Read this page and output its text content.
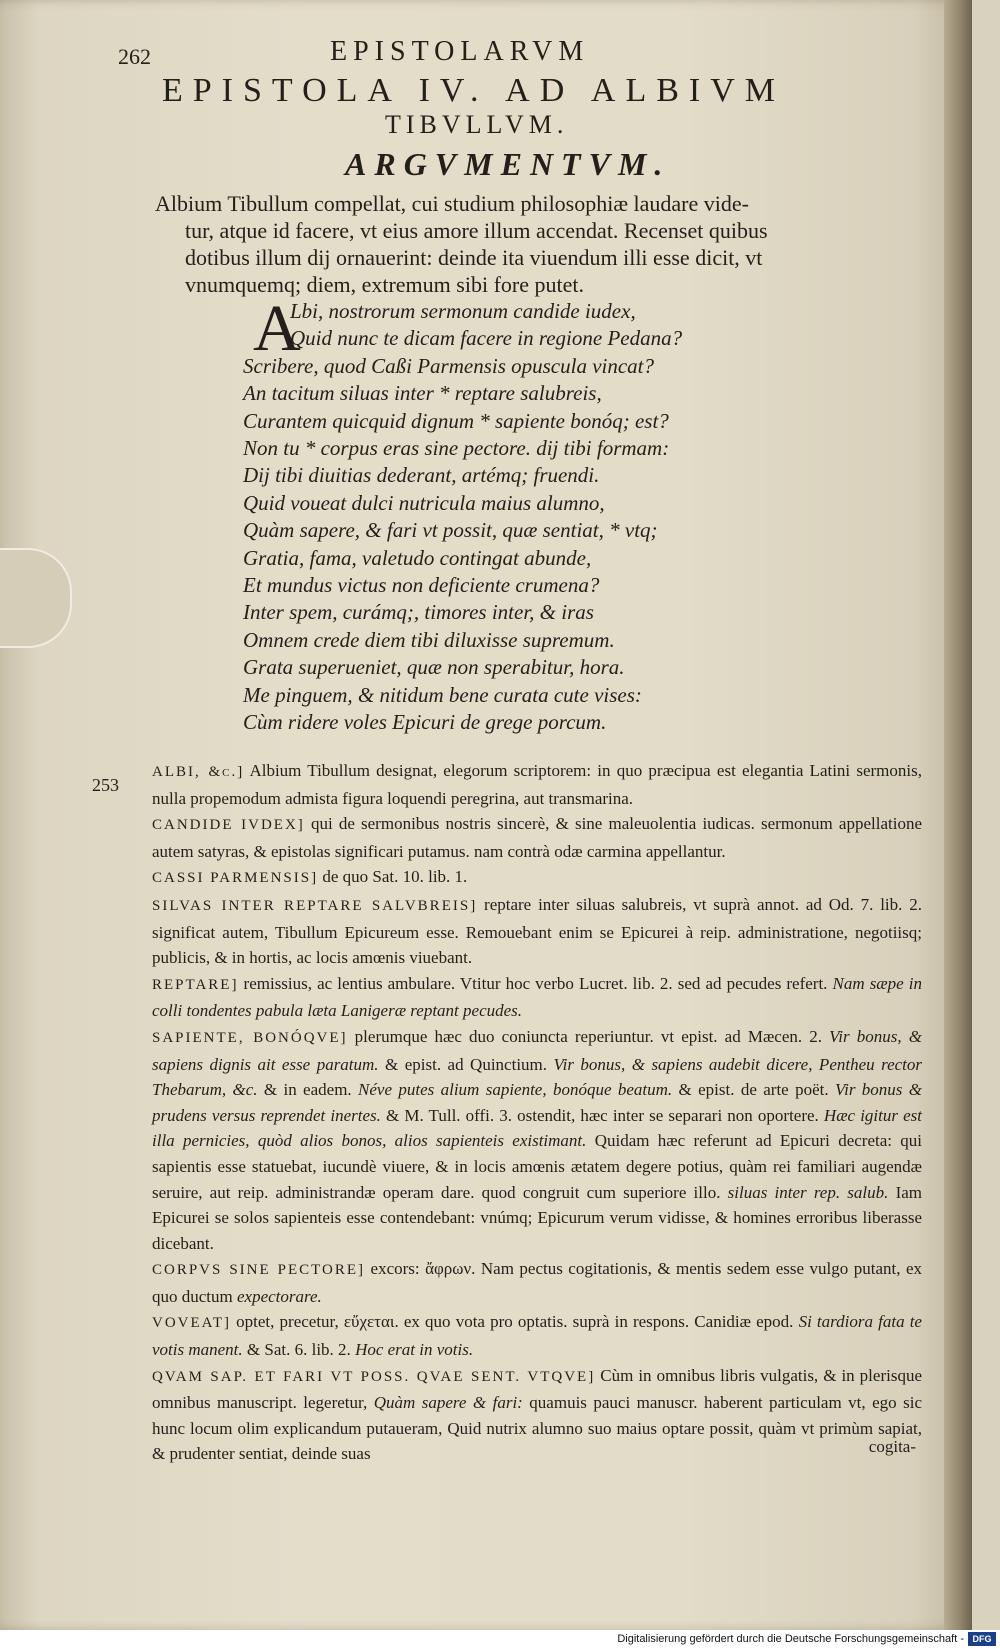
262	EPISTOLARVM
EPISTOLA IV. AD ALBIVM
TIBVLLVM.
ARGVMENTVM.
Albium Tibullum compellat, cui studium philosophiæ laudare vide-
tur, atque id facere, vt eius amore illum accendat. Recenset quibus
dotibus illum dij ornauerint: deinde ita viuendum illi esse dicit, vt
vnumquemq; diem, extremum sibi fore putet.
A
Lbi, nostrorum sermonum candide iudex,
Quid nunc te dicam facere in regione Pedana?
Scribere, quod Caßi Parmensis opuscula vincat?
An tacitum siluas inter * reptare salubreis,
Curantem quicquid dignum * sapiente bonóq; est?
Non tu * corpus eras sine pectore. dij tibi formam:
Dij tibi diuitias dederant, artémq; fruendi.
Quid voueat dulci nutricula maius alumno,
Quàm sapere, & fari vt possit, quæ sentiat, * vtq;
Gratia, fama, valetudo contingat abunde,
Et mundus victus non deficiente crumena?
Inter spem, curámq;, timores inter, & iras
Omnem crede diem tibi diluxisse supremum.
Grata superueniet, quæ non sperabitur, hora.
Me pinguem, & nitidum bene curata cute vises:
Cùm ridere voles Epicuri de grege porcum.
253

ALBI, &c.] Albium Tibullum designat, elegorum scriptorem: in quo præcipua est elegantia Latini sermonis, nulla propemodum admista figura loquendi peregrina, aut transmarina.

CANDIDE IVDEX] qui de sermonibus nostris sincerè, & sine maleuolentia iudicas. sermonum appellatione autem satyras, & epistolas significari putamus. nam contrà odæ carmina appellantur.

CASSI PARMENSIS] de quo Sat. 10. lib. 1.

SILVAS INTER REPTARE SALVBREIS] reptare inter siluas salubreis, vt suprà annot. ad Od. 7. lib. 2. significat autem, Tibullum Epicureum esse. Remouebant enim se Epicurei à reip. administratione, negotiisq; publicis, & in hortis, ac locis amœnis viuebant.

REPTARE] remissius, ac lentius ambulare. Vtitur hoc verbo Lucret. lib. 2. sed ad pecudes refert. Nam sæpe in colli tondentes pabula læta Lanigeræ reptant pecudes.

SAPIENTE, BONÓQVE] plerumque hæc duo coniuncta reperiuntur. vt epist. ad Mæcen. 2. Vir bonus, & sapiens dignis ait esse paratum. & epist. ad Quinctium. Vir bonus, & sapiens audebit dicere, Pentheu rector Thebarum, &c. & in eadem. Néve putes alium sapiente, bonóque beatum. & epist. de arte poët. Vir bonus & prudens versus reprendet inertes. & M. Tull. offi. 3. ostendit, hæc inter se separari non oportere. Hæc igitur est illa pernicies, quòd alios bonos, alios sapienteis existimant. Quidam hæc referunt ad Epicuri decreta: qui sapientis esse statuebat, iucundè viuere, & in locis amœnis ætatem degere potius, quàm rei familiari augendæ seruire, aut reip. administrandæ operam dare. quod congruit cum superiore illo. siluas inter rep. salub. Iam Epicurei se solos sapienteis esse contendebant: vnúmq; Epicurum verum vidisse, & homines erroribus liberasse dicebant.

CORPVS SINE PECTORE] excors: ἄφρων. Nam pectus cogitationis, & mentis sedem esse vulgo putant, ex quo ductum expectorare.

VOVEAT] optet, precetur, εὔχεται. ex quo vota pro optatis. suprà in respons. Canidiæ epod. Si tardiora fata te votis manent. & Sat. 6. lib. 2. Hoc erat in votis.

QVAM SAP. ET FARI VT POSS. QVAE SENT. VTQVE] Cùm in omnibus libris vulgatis, & in plerisque omnibus manuscript. legeretur, Quàm sapere & fari: quamuis pauci manuscr. haberent particulam vt, ego sic hunc locum olim explicandum putaueram, Quid nutrix alumno suo maius optare possit, quàm vt primùm sapiat, & prudenter sentiat, deinde suas	cogita-
Digitalisierung gefördert durch die Deutsche Forschungsgemeinschaft - DFG
